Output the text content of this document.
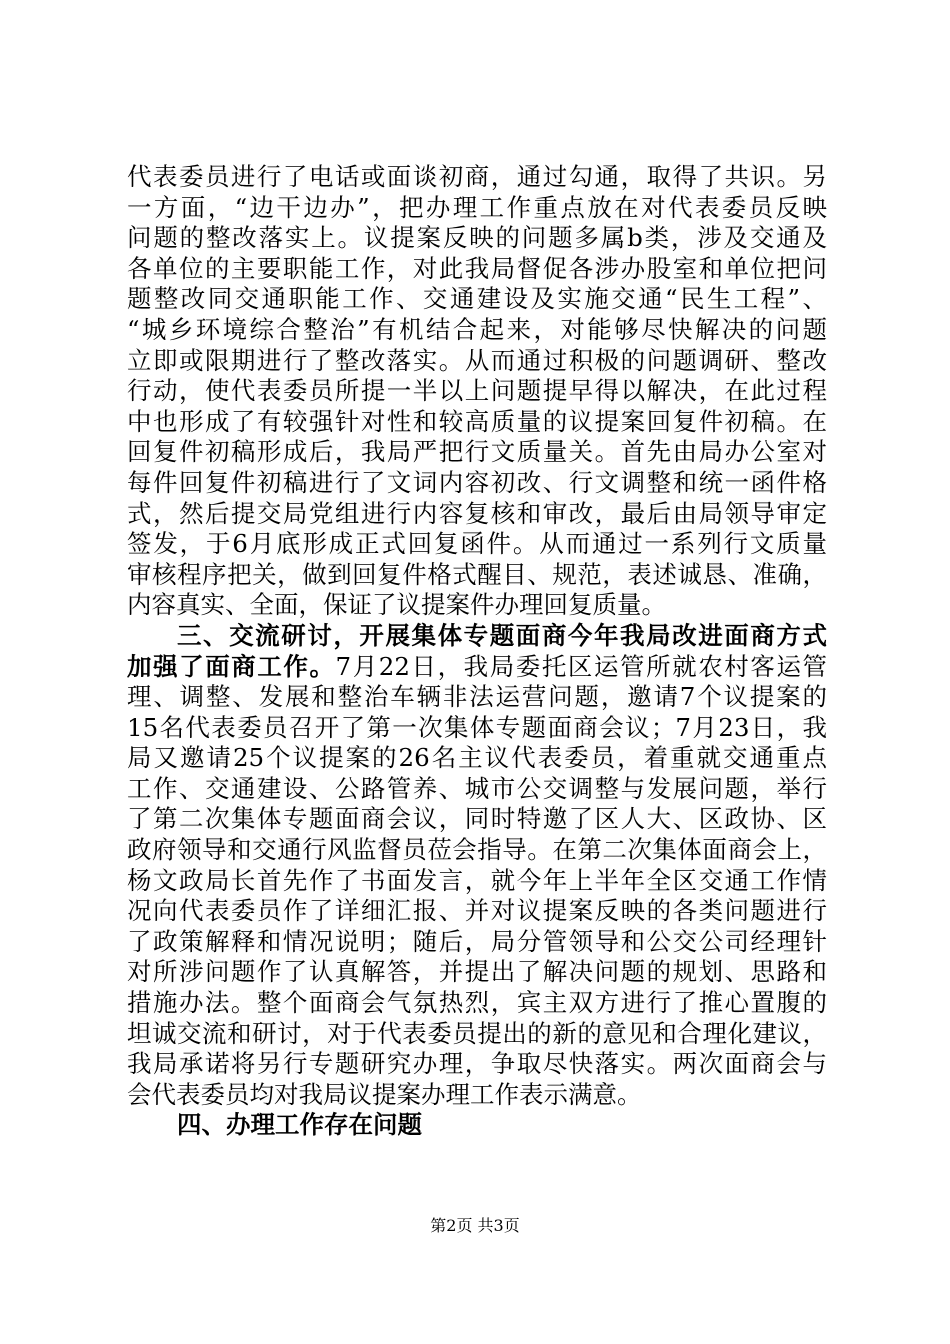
代表委员进行了电话或面谈初商，通过勾通，取得了共识。另
一方面，“边干边办”，把办理工作重点放在对代表委员反映
问题的整改落实上。议提案反映的问题多属b类，涉及交通及
各单位的主要职能工作，对此我局督促各涉办股室和单位把问
题整改同交通职能工作、交通建设及实施交通“民生工程”、
“城乡环境综合整治”有机结合起来，对能够尽快解决的问题
立即或限期进行了整改落实。从而通过积极的问题调研、整改
行动，使代表委员所提一半以上问题提早得以解决，在此过程
中也形成了有较强针对性和较高质量的议提案回复件初稿。在
回复件初稿形成后，我局严把行文质量关。首先由局办公室对
每件回复件初稿进行了文词内容初改、行文调整和统一函件格
式，然后提交局党组进行内容复核和审改，最后由局领导审定
签发，于6月底形成正式回复函件。从而通过一系列行文质量
审核程序把关，做到回复件格式醒目、规范，表述诚恳、准确，
内容真实、全面，保证了议提案件办理回复质量。
三、交流研讨，开展集体专题面商今年我局改进面商方式
加强了面商工作。7月22日，我局委托区运管所就农村客运管
理、调整、发展和整治车辆非法运营问题，邀请7个议提案的
15名代表委员召开了第一次集体专题面商会议；7月23日，我
局又邀请25个议提案的26名主议代表委员，着重就交通重点
工作、交通建设、公路管养、城市公交调整与发展问题，举行
了第二次集体专题面商会议，同时特邀了区人大、区政协、区
政府领导和交通行风监督员莅会指导。在第二次集体面商会上，
杨文政局长首先作了书面发言，就今年上半年全区交通工作情
况向代表委员作了详细汇报、并对议提案反映的各类问题进行
了政策解释和情况说明；随后，局分管领导和公交公司经理针
对所涉问题作了认真解答，并提出了解决问题的规划、思路和
措施办法。整个面商会气氛热烈，宾主双方进行了推心置腹的
坦诚交流和研讨，对于代表委员提出的新的意见和合理化建议，
我局承诺将另行专题研究办理，争取尽快落实。两次面商会与
会代表委员均对我局议提案办理工作表示满意。
四、办理工作存在问题
第2页 共3页
